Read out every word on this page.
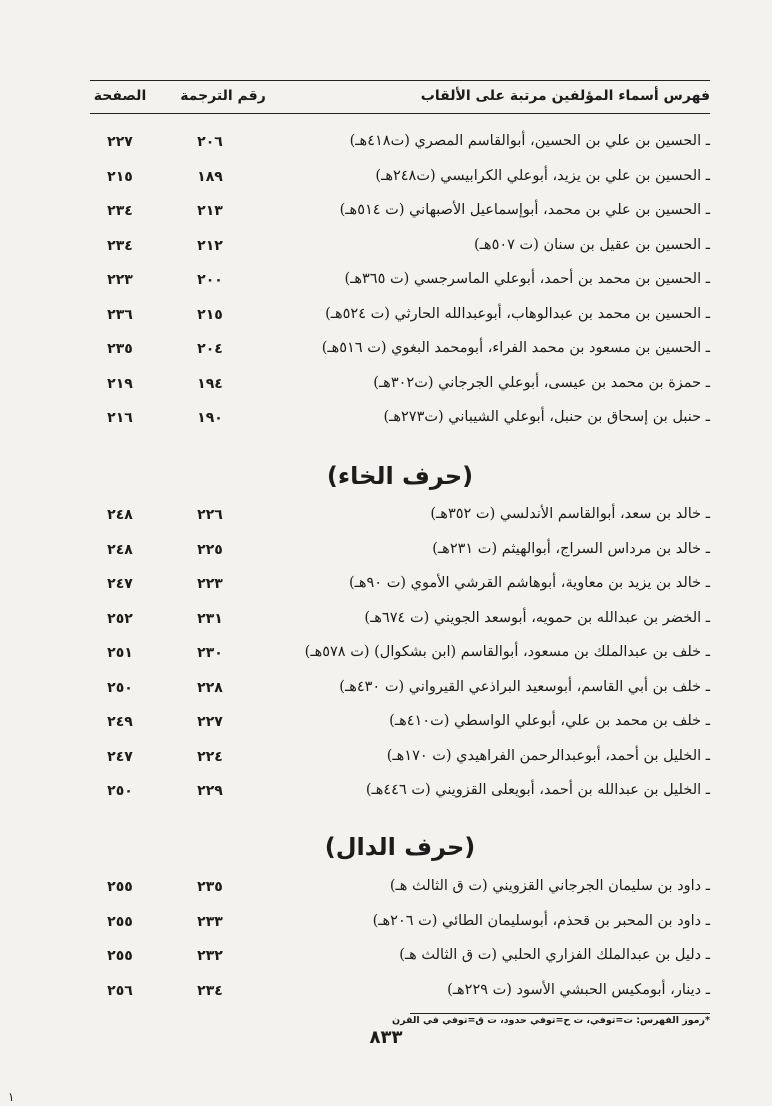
فهرس أسماء المؤلفين مرتبة على الألقاب
رقم الترجمة
الصفحة
ـ الحسين بن علي بن الحسين، أبوالقاسم المصري (ت٤١٨هـ)
٢٠٦
٢٢٧
ـ الحسين بن علي بن يزيد، أبوعلي الكرابيسي (ت٢٤٨هـ)
١٨٩
٢١٥
ـ الحسين بن علي بن محمد، أبوإسماعيل الأصبهاني (ت ٥١٤هـ)
٢١٣
٢٣٤
ـ الحسين بن عقيل بن سنان (ت ٥٠٧هـ)
٢١٢
٢٣٤
ـ الحسين بن محمد بن أحمد، أبوعلي الماسرجسي (ت ٣٦٥هـ)
٢٠٠
٢٢٣
ـ الحسين بن محمد بن عبدالوهاب، أبوعبدالله الحارثي (ت ٥٢٤هـ)
٢١٥
٢٣٦
ـ الحسين بن مسعود بن محمد الفراء، أبومحمد البغوي (ت ٥١٦هـ)
٢٠٤
٢٣٥
ـ حمزة بن محمد بن عيسى، أبوعلي الجرجاني (ت٣٠٢هـ)
١٩٤
٢١٩
ـ حنبل بن إسحاق بن حنبل، أبوعلي الشيباني (ت٢٧٣هـ)
١٩٠
٢١٦
(حرف الخاء)
ـ خالد بن سعد، أبوالقاسم الأندلسي (ت ٣٥٢هـ)
٢٢٦
٢٤٨
ـ خالد بن مرداس السراج، أبوالهيثم (ت ٢٣١هـ)
٢٢٥
٢٤٨
ـ خالد بن يزيد بن معاوية، أبوهاشم القرشي الأموي (ت ٩٠هـ)
٢٢٣
٢٤٧
ـ الخضر بن عبدالله بن حمويه، أبوسعد الجويني (ت ٦٧٤هـ)
٢٣١
٢٥٢
ـ خلف بن عبدالملك بن مسعود، أبوالقاسم (ابن بشكوال) (ت ٥٧٨هـ)
٢٣٠
٢٥١
ـ خلف بن أبي القاسم، أبوسعيد البراذعي القيرواني (ت ٤٣٠هـ)
٢٢٨
٢٥٠
ـ خلف بن محمد بن علي، أبوعلي الواسطي (ت٤١٠هـ)
٢٢٧
٢٤٩
ـ الخليل بن أحمد، أبوعبدالرحمن الفراهيدي (ت ١٧٠هـ)
٢٢٤
٢٤٧
ـ الخليل بن عبدالله بن أحمد، أبويعلى القزويني (ت ٤٤٦هـ)
٢٢٩
٢٥٠
(حرف الدال)
ـ داود بن سليمان الجرجاني القزويني (ت ق الثالث هـ)
٢٣٥
٢٥٥
ـ داود بن المحبر بن قحذم، أبوسليمان الطائي (ت ٢٠٦هـ)
٢٣٣
٢٥٥
ـ دليل بن عبدالملك الفزاري الحلبي (ت ق الثالث هـ)
٢٣٢
٢٥٥
ـ دينار، أبومكيس الحبشي الأسود (ت ٢٢٩هـ)
٢٣٤
٢٥٦
*رموز الفهرس: ت=توفي، ت ح=توفي حدود، ت ق=توفي في القرن
٨٣٣
١
